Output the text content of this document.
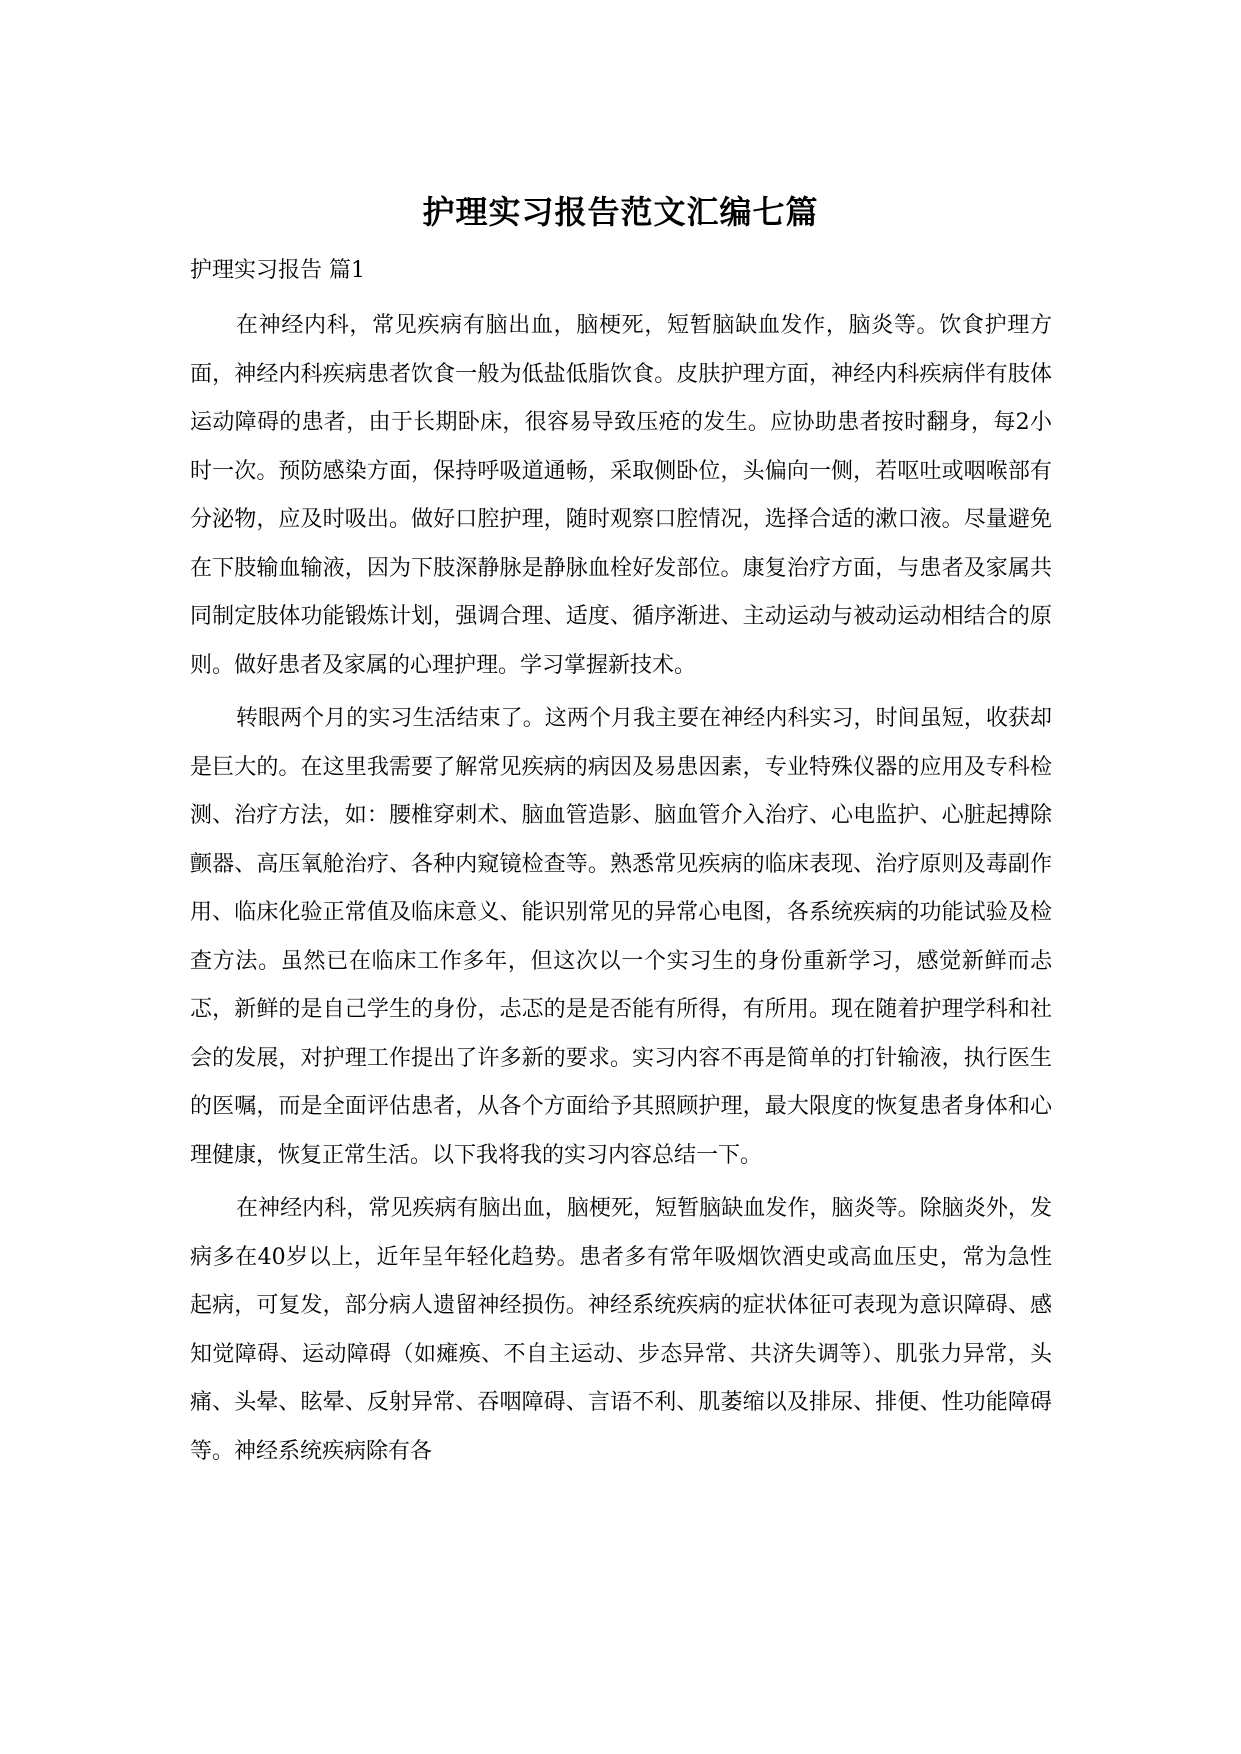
护理实习报告范文汇编七篇
护理实习报告 篇1

在神经内科，常见疾病有脑出血，脑梗死，短暂脑缺血发作，脑炎等。饮食护理方面，神经内科疾病患者饮食一般为低盐低脂饮食。皮肤护理方面，神经内科疾病伴有肢体运动障碍的患者，由于长期卧床，很容易导致压疮的发生。应协助患者按时翻身，每2小时一次。预防感染方面，保持呼吸道通畅，采取侧卧位，头偏向一侧，若呕吐或咽喉部有分泌物，应及时吸出。做好口腔护理，随时观察口腔情况，选择合适的漱口液。尽量避免在下肢输血输液，因为下肢深静脉是静脉血栓好发部位。康复治疗方面，与患者及家属共同制定肢体功能锻炼计划，强调合理、适度、循序渐进、主动运动与被动运动相结合的原则。做好患者及家属的心理护理。学习掌握新技术。

转眼两个月的实习生活结束了。这两个月我主要在神经内科实习，时间虽短，收获却是巨大的。在这里我需要了解常见疾病的病因及易患因素，专业特殊仪器的应用及专科检测、治疗方法，如：腰椎穿刺术、脑血管造影、脑血管介入治疗、心电监护、心脏起搏除颤器、高压氧舱治疗、各种内窥镜检查等。熟悉常见疾病的临床表现、治疗原则及毒副作用、临床化验正常值及临床意义、能识别常见的异常心电图，各系统疾病的功能试验及检查方法。虽然已在临床工作多年，但这次以一个实习生的身份重新学习，感觉新鲜而忐忑，新鲜的是自己学生的身份，忐忑的是是否能有所得，有所用。现在随着护理学科和社会的发展，对护理工作提出了许多新的要求。实习内容不再是简单的打针输液，执行医生的医嘱，而是全面评估患者，从各个方面给予其照顾护理，最大限度的恢复患者身体和心理健康，恢复正常生活。以下我将我的实习内容总结一下。

在神经内科，常见疾病有脑出血，脑梗死，短暂脑缺血发作，脑炎等。除脑炎外，发病多在40岁以上，近年呈年轻化趋势。患者多有常年吸烟饮酒史或高血压史，常为急性起病，可复发，部分病人遗留神经损伤。神经系统疾病的症状体征可表现为意识障碍、感知觉障碍、运动障碍（如瘫痪、不自主运动、步态异常、共济失调等）、肌张力异常，头痛、头晕、眩晕、反射异常、吞咽障碍、言语不利、肌萎缩以及排尿、排便、性功能障碍等。神经系统疾病除有各
